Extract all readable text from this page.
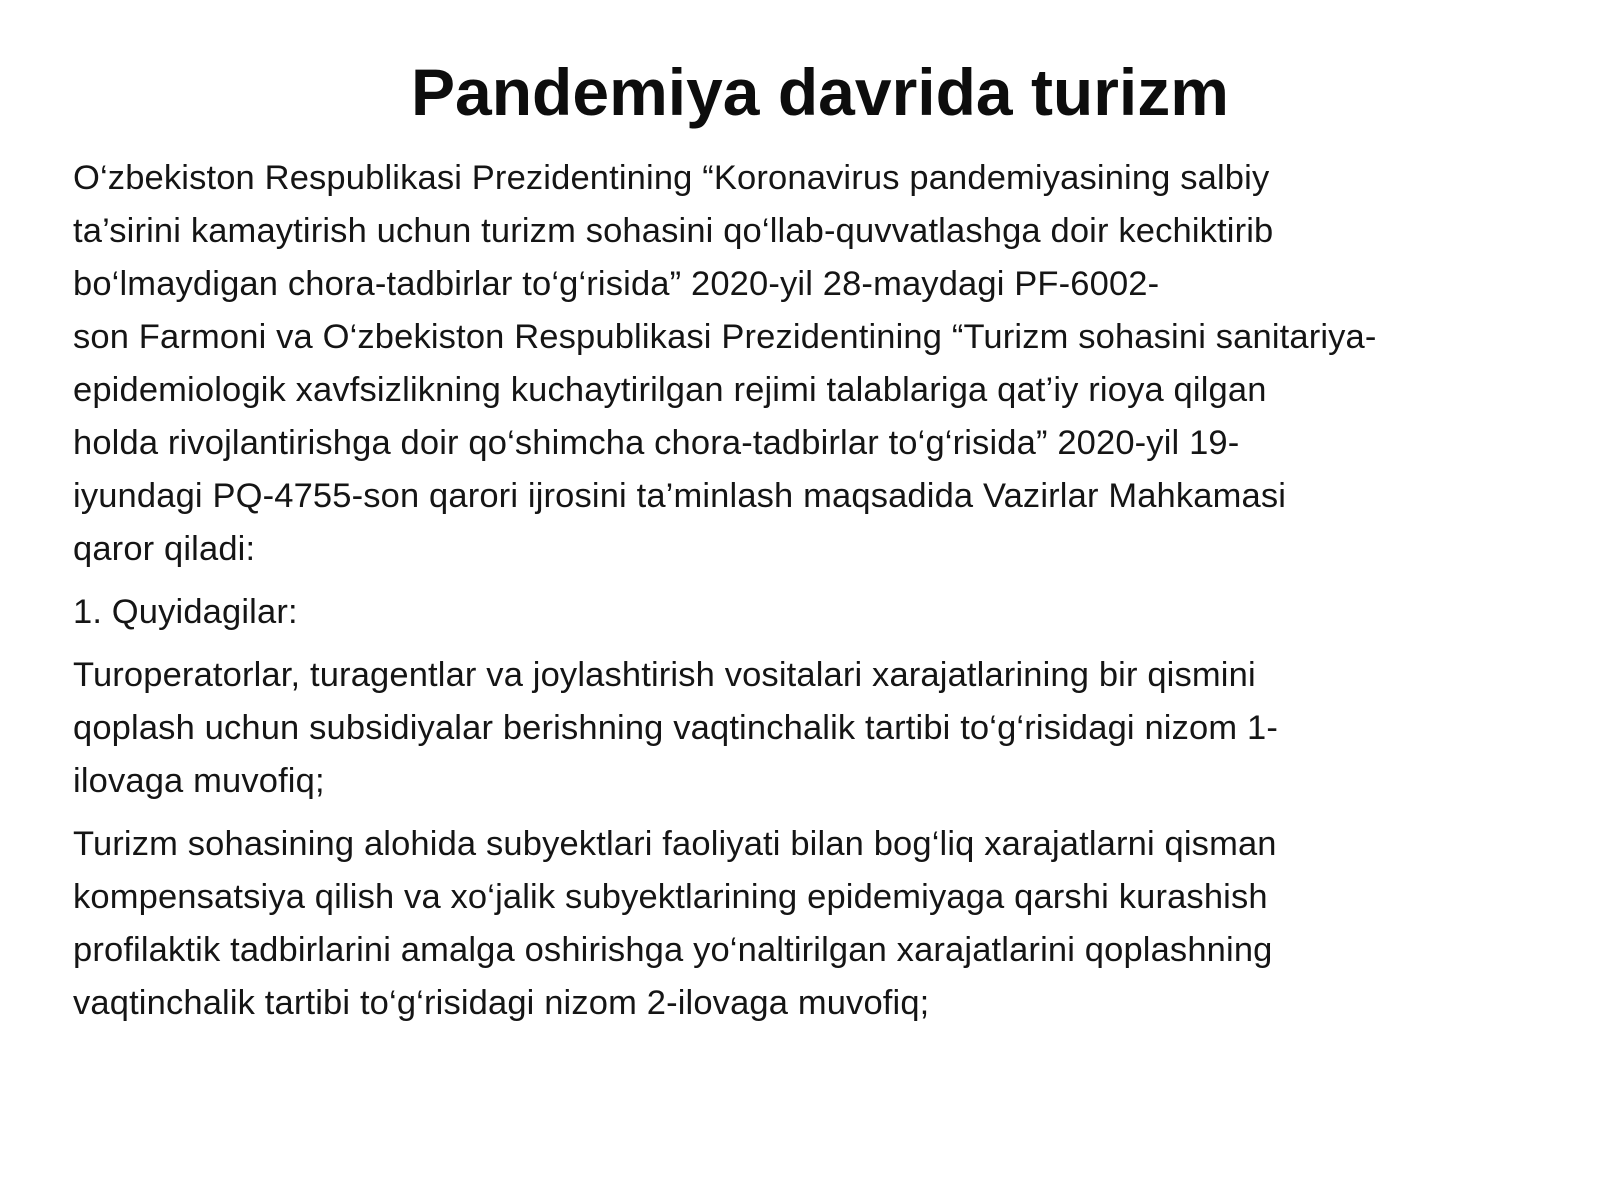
Pandemiya davrida turizm

O‘zbekiston Respublikasi Prezidentining “Koronavirus pandemiyasining salbiy
ta’sirini kamaytirish uchun turizm sohasini qo‘llab-quvvatlashga doir kechiktirib
bo‘lmaydigan chora-tadbirlar to‘g‘risida” 2020-yil 28-maydagi PF-6002-
son Farmoni va O‘zbekiston Respublikasi Prezidentining “Turizm sohasini sanitariya-
epidemiologik xavfsizlikning kuchaytirilgan rejimi talablariga qat’iy rioya qilgan
holda rivojlantirishga doir qo‘shimcha chora-tadbirlar to‘g‘risida” 2020-yil 19-
iyundagi PQ-4755-son qarori ijrosini ta’minlash maqsadida Vazirlar Mahkamasi
qaror qiladi:

1. Quyidagilar:

Turoperatorlar, turagentlar va joylashtirish vositalari xarajatlarining bir qismini
qoplash uchun subsidiyalar berishning vaqtinchalik tartibi to‘g‘risidagi nizom 1-
ilovaga muvofiq;

Turizm sohasining alohida subyektlari faoliyati bilan bog‘liq xarajatlarni qisman
kompensatsiya qilish va xo‘jalik subyektlarining epidemiyaga qarshi kurashish
profilaktik tadbirlarini amalga oshirishga yo‘naltirilgan xarajatlarini qoplashning
vaqtinchalik tartibi to‘g‘risidagi nizom 2-ilovaga muvofiq;
